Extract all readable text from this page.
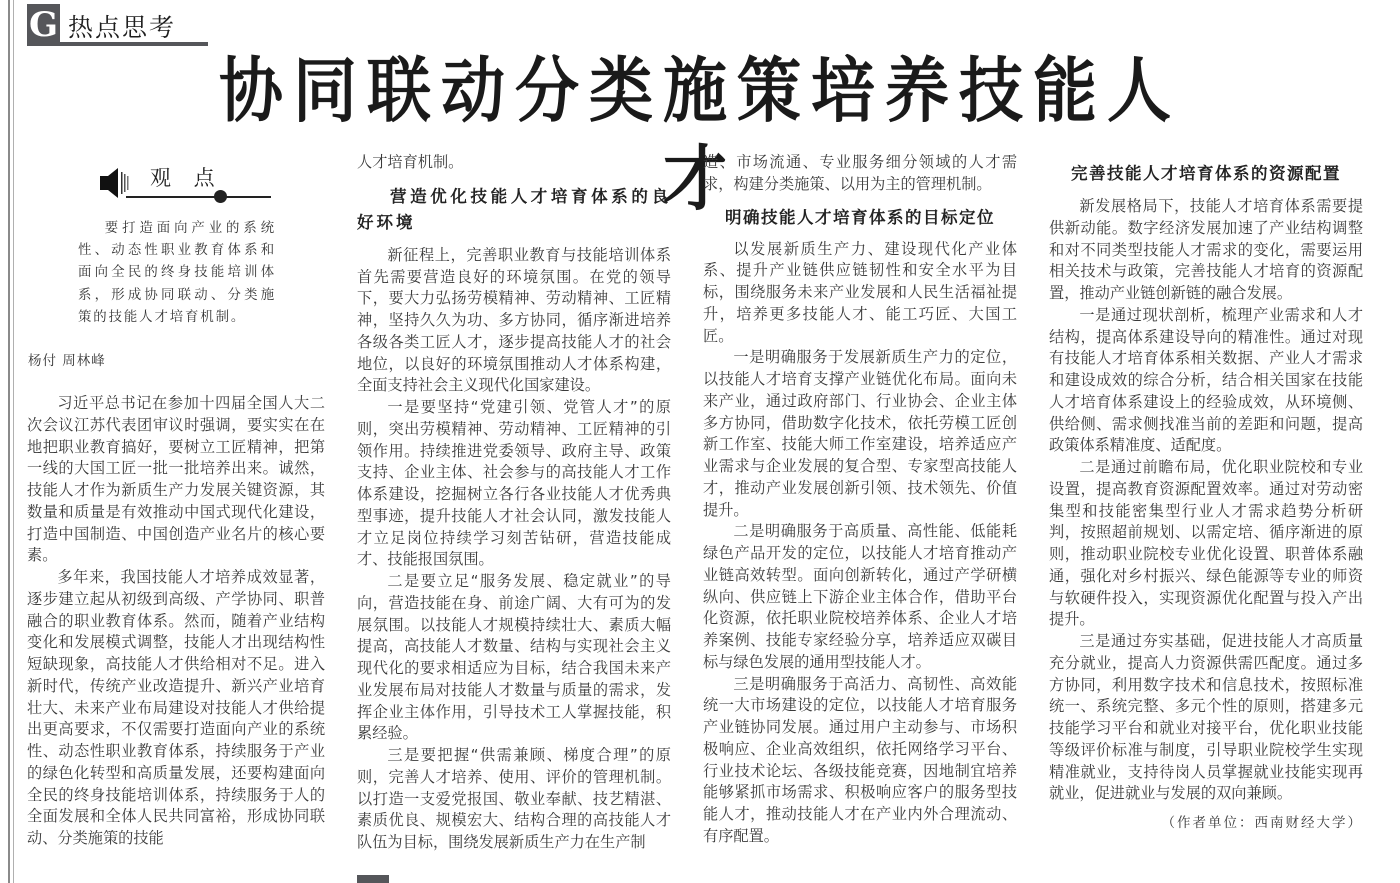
G 热点思考
协同联动分类施策培养技能人才
观 点
要打造面向产业的系统性、动态性职业教育体系和面向全民的终身技能培训体系，形成协同联动、分类施策的技能人才培育机制。
杨付 周林峰

习近平总书记在参加十四届全国人大二次会议江苏代表团审议时强调，要实实在在地把职业教育搞好，要树立工匠精神，把第一线的大国工匠一批一批培养出来。诚然，技能人才作为新质生产力发展关键资源，其数量和质量是有效推动中国式现代化建设，打造中国制造、中国创造产业名片的核心要素。

多年来，我国技能人才培养成效显著，逐步建立起从初级到高级、产学协同、职普融合的职业教育体系。然而，随着产业结构变化和发展模式调整，技能人才出现结构性短缺现象，高技能人才供给相对不足。进入新时代，传统产业改造提升、新兴产业培育壮大、未来产业布局建设对技能人才供给提出更高要求，不仅需要打造面向产业的系统性、动态性职业教育体系，持续服务于产业的绿色化转型和高质量发展，还要构建面向全民的终身技能培训体系，持续服务于人的全面发展和全体人民共同富裕，形成协同联动、分类施策的技能

人才培育机制。

营造优化技能人才培育体系的良好环境

新征程上，完善职业教育与技能培训体系首先需要营造良好的环境氛围。在党的领导下，要大力弘扬劳模精神、劳动精神、工匠精神，坚持久久为功、多方协同，循序渐进培养各级各类工匠人才，逐步提高技能人才的社会地位，以良好的环境氛围推动人才体系构建，全面支持社会主义现代化国家建设。

一是要坚持“党建引领、党管人才”的原则，突出劳模精神、劳动精神、工匠精神的引领作用。持续推进党委领导、政府主导、政策支持、企业主体、社会参与的高技能人才工作体系建设，挖掘树立各行各业技能人才优秀典型事迹，提升技能人才社会认同，激发技能人才立足岗位持续学习刻苦钻研，营造技能成才、技能报国氛围。

二是要立足“服务发展、稳定就业”的导向，营造技能在身、前途广阔、大有可为的发展氛围。以技能人才规模持续壮大、素质大幅提高，高技能人才数量、结构与实现社会主义现代化的要求相适应为目标，结合我国未来产业发展布局对技能人才数量与质量的需求，发挥企业主体作用，引导技术工人掌握技能，积累经验。

三是要把握“供需兼顾、梯度合理”的原则，完善人才培养、使用、评价的管理机制。以打造一支爱党报国、敬业奉献、技艺精湛、素质优良、规模宏大、结构合理的高技能人才队伍为目标，围绕发展新质生产力在生产制

造、市场流通、专业服务细分领域的人才需求，构建分类施策、以用为主的管理机制。

明确技能人才培育体系的目标定位

以发展新质生产力、建设现代化产业体系、提升产业链供应链韧性和安全水平为目标，围绕服务未来产业发展和人民生活福祉提升，培养更多技能人才、能工巧匠、大国工匠。

一是明确服务于发展新质生产力的定位，以技能人才培育支撑产业链优化布局。面向未来产业，通过政府部门、行业协会、企业主体多方协同，借助数字化技术，依托劳模工匠创新工作室、技能大师工作室建设，培养适应产业需求与企业发展的复合型、专家型高技能人才，推动产业发展创新引领、技术领先、价值提升。

二是明确服务于高质量、高性能、低能耗绿色产品开发的定位，以技能人才培育推动产业链高效转型。面向创新转化，通过产学研横纵向、供应链上下游企业主体合作，借助平台化资源，依托职业院校培养体系、企业人才培养案例、技能专家经验分享，培养适应双碳目标与绿色发展的通用型技能人才。

三是明确服务于高活力、高韧性、高效能统一大市场建设的定位，以技能人才培育服务产业链协同发展。通过用户主动参与、市场积极响应、企业高效组织，依托网络学习平台、行业技术论坛、各级技能竞赛，因地制宜培养能够紧抓市场需求、积极响应客户的服务型技能人才，推动技能人才在产业内外合理流动、有序配置。

完善技能人才培育体系的资源配置

新发展格局下，技能人才培育体系需要提供新动能。数字经济发展加速了产业结构调整和对不同类型技能人才需求的变化，需要运用相关技术与政策，完善技能人才培育的资源配置，推动产业链创新链的融合发展。

一是通过现状剖析，梳理产业需求和人才结构，提高体系建设导向的精准性。通过对现有技能人才培育体系相关数据、产业人才需求和建设成效的综合分析，结合相关国家在技能人才培育体系建设上的经验成效，从环境侧、供给侧、需求侧找准当前的差距和问题，提高政策体系精准度、适配度。

二是通过前瞻布局，优化职业院校和专业设置，提高教育资源配置效率。通过对劳动密集型和技能密集型行业人才需求趋势分析研判，按照超前规划、以需定培、循序渐进的原则，推动职业院校专业优化设置、职普体系融通，强化对乡村振兴、绿色能源等专业的师资与软硬件投入，实现资源优化配置与投入产出提升。

三是通过夯实基础，促进技能人才高质量充分就业，提高人力资源供需匹配度。通过多方协同，利用数字技术和信息技术，按照标准统一、系统完整、多元个性的原则，搭建多元技能学习平台和就业对接平台，优化职业技能等级评价标准与制度，引导职业院校学生实现精准就业，支持待岗人员掌握就业技能实现再就业，促进就业与发展的双向兼顾。

（作者单位：西南财经大学）
